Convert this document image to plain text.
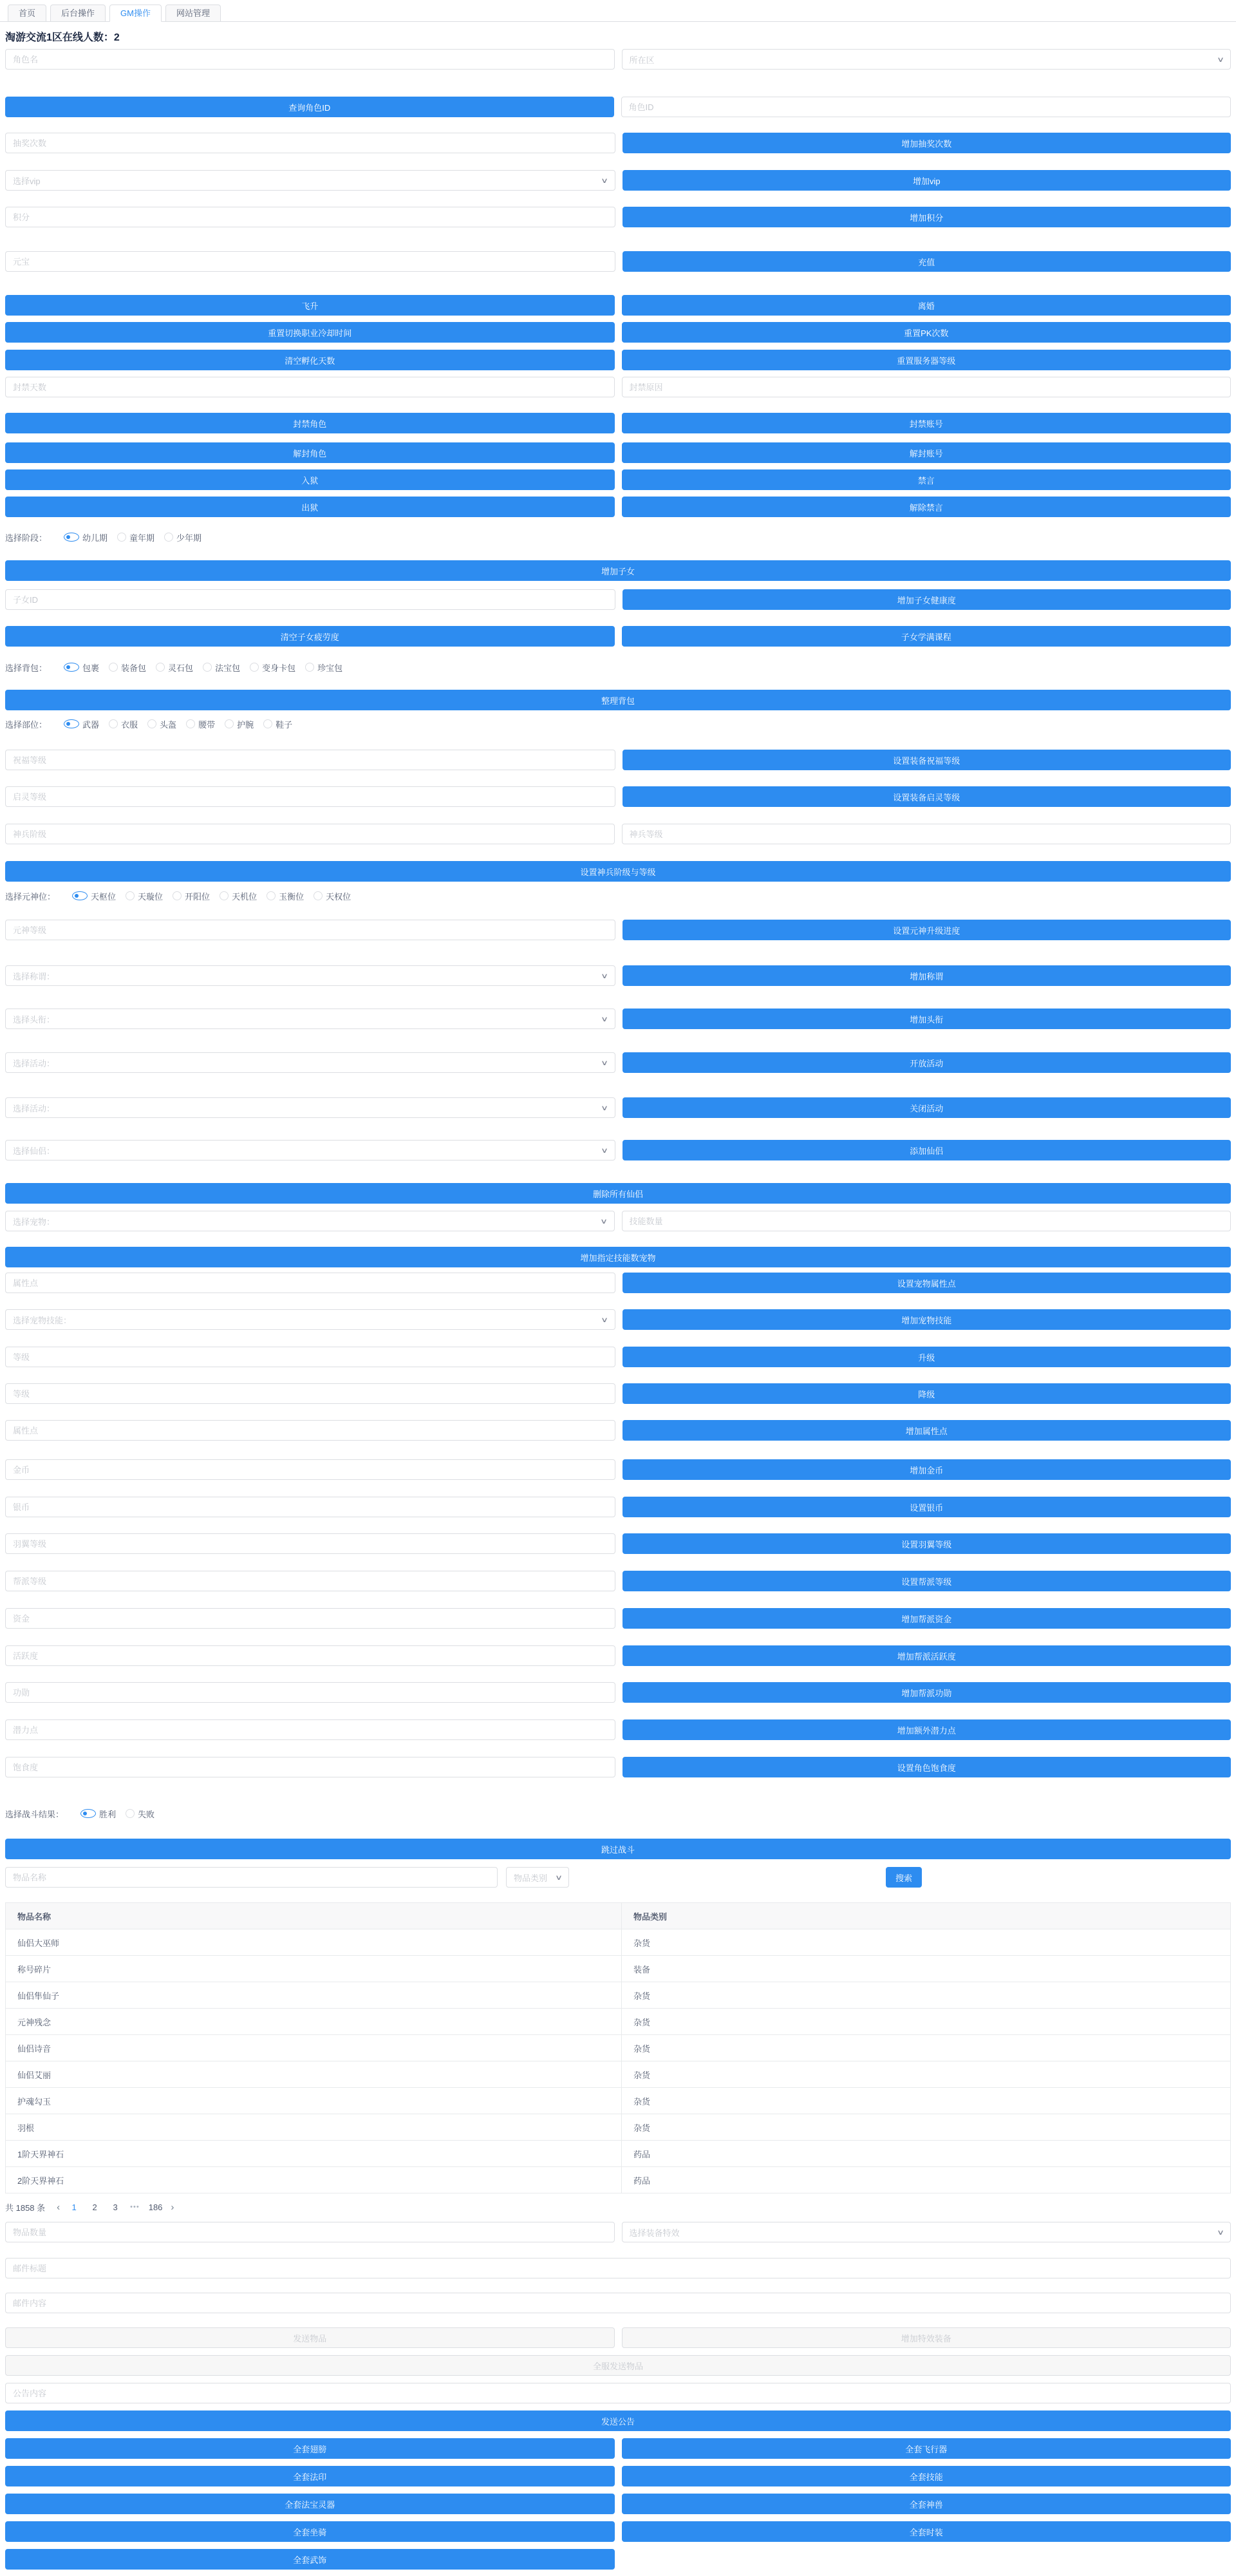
首页	后台操作	GM操作	网站管理
淘游交流1区在线人数：2
角色名
所在区	∨
查询角色ID
角色ID
抽奖次数
增加抽奖次数
选择vip	∨	增加vip
积分
增加积分
元宝
充值
飞升	离婚
重置切换职业冷却时间	重置PK次数
清空孵化天数	重置服务器等级
封禁天数
封禁原因
封禁角色	封禁账号
解封角色	解封账号
入狱	禁言
出狱	解除禁言
选择阶段：	幼儿期	童年期	少年期
增加子女
子女ID
增加子女健康度
清空子女疲劳度	子女学满课程
选择背包：	包裹	装备包	灵石包	法宝包	变身卡包	珍宝包
整理背包
选择部位：	武器	衣服	头盔	腰带	护腕	鞋子
祝福等级
设置装备祝福等级
启灵等级
设置装备启灵等级
神兵阶级
神兵等级
设置神兵阶级与等级
选择元神位：	天枢位	天璇位	开阳位	天机位	玉衡位	天权位
元神等级
设置元神升级进度
选择称谓：	∨	增加称谓
选择头衔：	∨	增加头衔
选择活动：	∨	开放活动
选择活动：	∨	关闭活动
选择仙侣：	∨	添加仙侣
删除所有仙侣
选择宠物：	∨
技能数量
增加指定技能数宠物
属性点
设置宠物属性点
选择宠物技能：	∨	增加宠物技能
等级
升级
等级
降级
属性点
增加属性点
金币
增加金币
银币
设置银币
羽翼等级
设置羽翼等级
帮派等级
设置帮派等级
资金
增加帮派资金
活跃度
增加帮派活跃度
功勋
增加帮派功勋
潜力点
增加额外潜力点
饱食度
设置角色饱食度
选择战斗结果：	胜利	失败
跳过战斗
物品名称
物品类别 ∨	搜索
物品名称	物品类别
仙侣大巫师	杂货
称号碎片	装备
仙侣隼仙子	杂货
元神残念	杂货
仙侣诗音	杂货
仙侣艾丽	杂货
护魂勾玉	杂货
羽根	杂货
1阶天界神石	药品
2阶天界神石	药品
共 1858 条 ‹	1	2	3	••• 186 ›
物品数量
选择装备特效	∨
邮件标题
邮件内容
发送物品	增加特效装备
全服发送物品
公告内容
发送公告
全套翅膀	全套飞行器
全套法印	全套技能
全套法宝灵器	全套神兽
全套坐骑	全套时装
全套武饰
